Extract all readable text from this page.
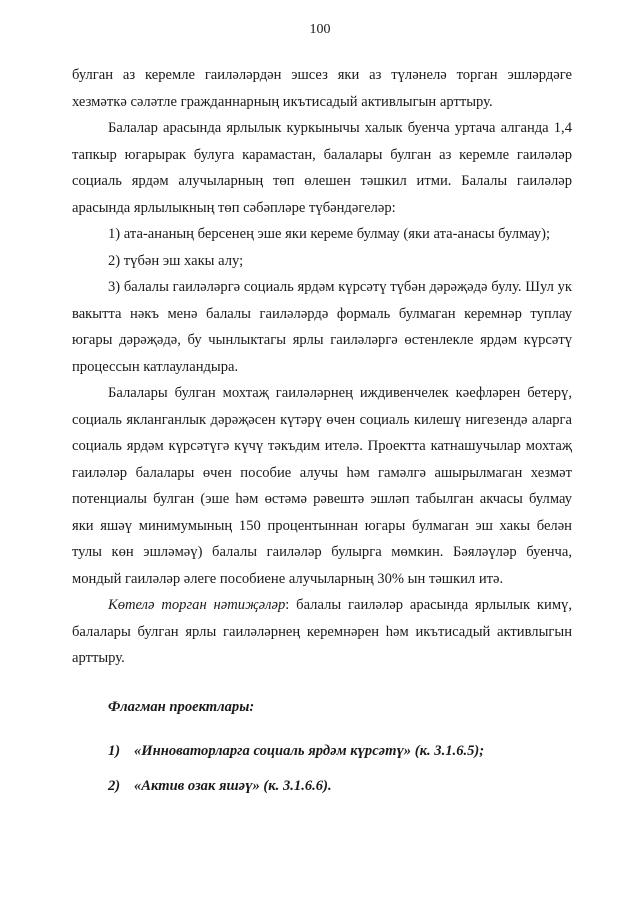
100

булган аз керемле гаиләләрдән эшсез яки аз түләнелә торган эшләрдәге хезмәткә сәләтле гражданнарның икътисадый активлыгын арттыру.

Балалар арасында ярлылык куркынычы халык буенча уртача алганда 1,4 тапкыр югарырак булуга карамастан, балалары булган аз керемле гаиләләр социаль ярдәм алучыларның төп өлешен тәшкил итми. Балалы гаиләләр арасында ярлылыкның төп сәбәпләре түбәндәгеләр:

1) ата-ананың берсенең эше яки кереме булмау (яки ата-анасы булмау);

2) түбән эш хакы алу;

3) балалы гаиләләргә социаль ярдәм күрсәтү түбән дәрәҗәдә булу. Шул ук вакытта нәкъ менә балалы гаиләләрдә формаль булмаган керемнәр туплау югары дәрәҗәдә, бу чынлыктагы ярлы гаиләләргә өстенлекле ярдәм күрсәтү процессын катлауландыра.

Балалары булган мохтаҗ гаиләләрнең иждивенчелек кәефләрен бетерү, социаль якланганлык дәрәҗәсен күтәрү өчен социаль килешү нигезендә аларга социаль ярдәм күрсәтүгә күчү тәкъдим ителә. Проектта катнашучылар мохтаҗ гаиләләр балалары өчен пособие алучы һәм гамәлгә ашырылмаган хезмәт потенциалы булган (эше һәм өстәмә рәвештә эшләп табылган акчасы булмау яки яшәү минимумының 150 процентыннан югары булмаган эш хакы белән тулы көн эшләмәү) балалы гаиләләр булырга мөмкин. Бәяләүләр буенча, мондый гаиләләр әлеге пособиене алучыларның 30% ын тәшкил итә.

Көтелә торган нәтиҗәләр: балалы гаиләләр арасында ярлылык кимү, балалары булган ярлы гаиләләрнең керемнәрен һәм икътисадый активлыгын арттыру.

Флагман проектлары:

1) «Инноваторларга социаль ярдәм күрсәтү» (к. 3.1.6.5);
2) «Актив озак яшәү» (к. 3.1.6.6).
